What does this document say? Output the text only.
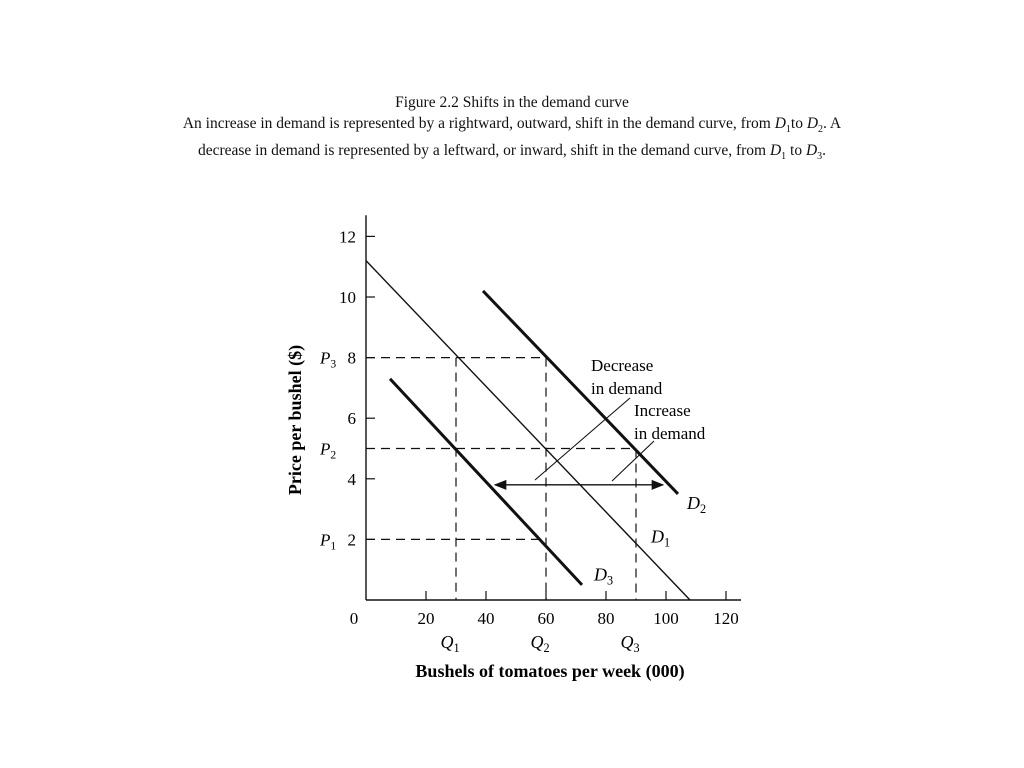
Figure 2.2 Shifts in the demand curve
An increase in demand is represented by a rightward, outward, shift in the demand curve, from $D_1to$ $D_2$. A decrease in demand is represented by a leftward, or inward, shift in the demand curve, from $D_1$ to $D_3$.
2
4
6
8
10
12
0	20	40	60	80 100 120
Bushels of tomatoes per week (000)
Price per bushel ($)
$P_1$
$P_2$
$P_3$
$Q_1$	$Q_2$	$Q_3$
$D_1$
$D_2$
$D_3$
Decrease in demand
Increase in demand
